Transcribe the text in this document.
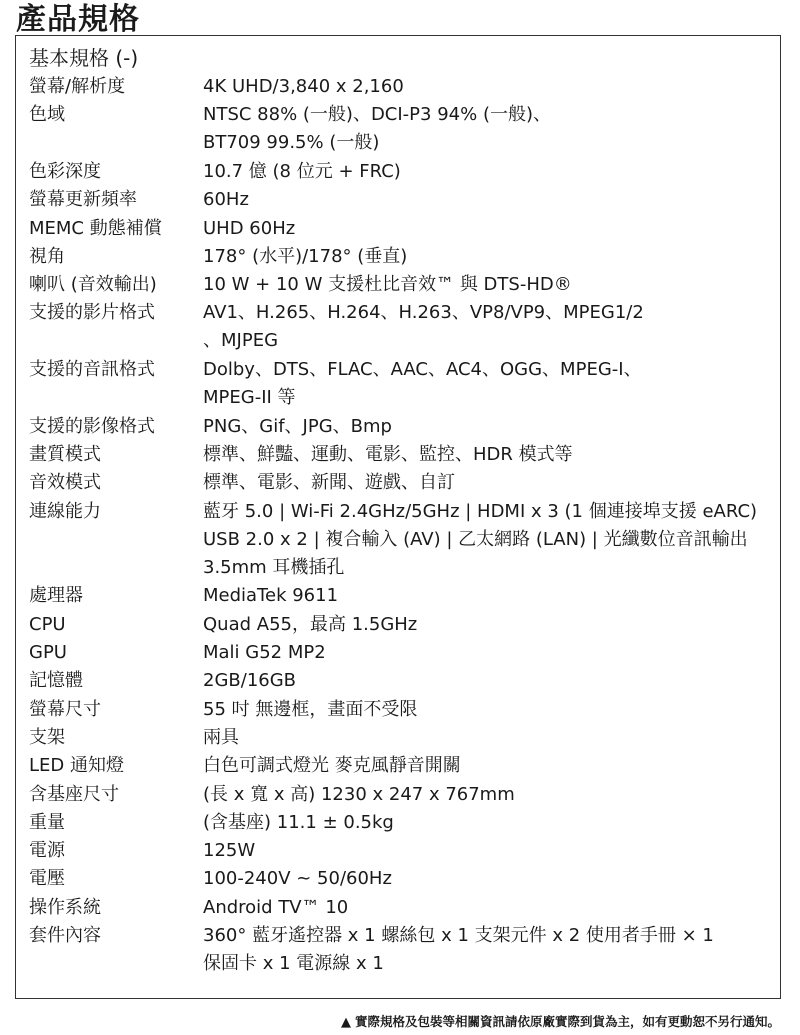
產品規格
基本規格 (-)
螢幕/解析度	4K UHD/3,840 x 2,160
色域	NTSC 88% (一般)、DCI-P3 94% (一般)、
BT709 99.5% (一般)
色彩深度	10.7 億 (8 位元 + FRC)
螢幕更新頻率	60Hz
MEMC 動態補償 UHD 60Hz
視角	178° (水平)/178° (垂直)
喇叭 (音效輸出)	10 W + 10 W 支援杜比音效™ 與 DTS-HD®
支援的影片格式	AV1、H.265、H.264、H.263、VP8/VP9、MPEG1/2
、MJPEG
支援的音訊格式	Dolby、DTS、FLAC、AAC、AC4、OGG、MPEG-I、
MPEG-II 等
支援的影像格式	PNG、Gif、JPG、Bmp
畫質模式	標準、鮮豔、運動、電影、監控、HDR 模式等
音效模式	標準、電影、新聞、遊戲、自訂
連線能力	藍牙 5.0 | Wi-Fi 2.4GHz/5GHz | HDMI x 3 (1 個連接埠支援 eARC)
USB 2.0 x 2 | 複合輸入 (AV) | 乙太網路 (LAN) | 光纖數位音訊輸出
3.5mm 耳機插孔
處理器	MediaTek 9611
CPU	Quad A55，最高 1.5GHz
GPU	Mali G52 MP2
記憶體	2GB/16GB
螢幕尺寸	55 吋 無邊框，畫面不受限
支架	兩具
LED 通知燈	白色可調式燈光 麥克風靜音開關
含基座尺寸	(長 x 寬 x 高) 1230 x 247 x 767mm
重量	(含基座) 11.1 ± 0.5kg
電源	125W
電壓	100-240V ~ 50/60Hz
操作系統	Android TV™ 10
套件內容	360° 藍牙遙控器 x 1 螺絲包 x 1 支架元件 x 2 使用者手冊 × 1
保固卡 x 1 電源線 x 1
▲ 實際規格及包裝等相關資訊請依原廠實際到貨為主，如有更動恕不另行通知。
